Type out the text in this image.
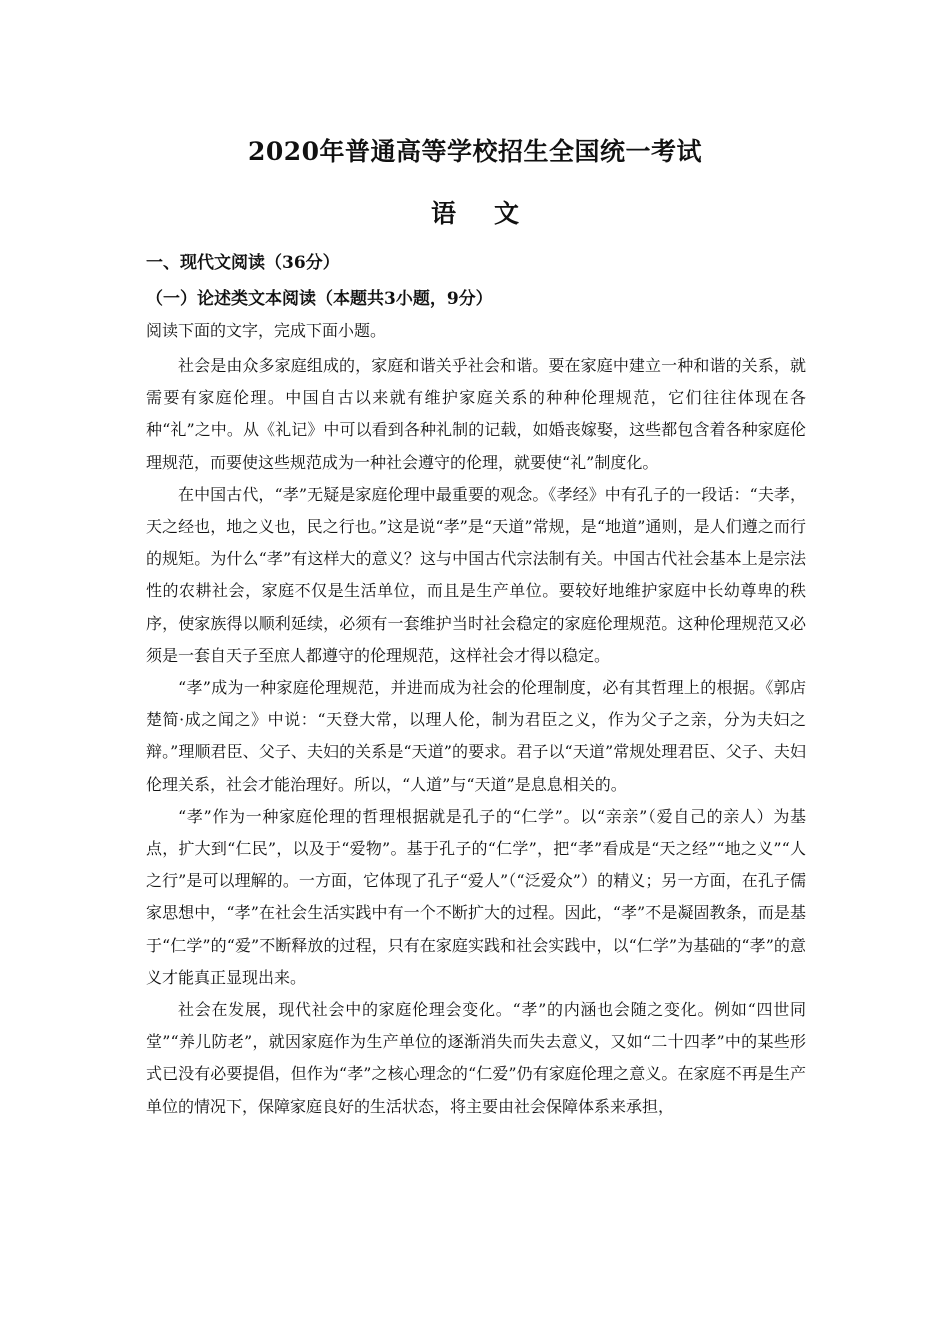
2020年普通高等学校招生全国统一考试
语文
一、现代文阅读（36分）
（一）论述类文本阅读（本题共3小题，9分）
阅读下面的文字，完成下面小题。

社会是由众多家庭组成的，家庭和谐关乎社会和谐。要在家庭中建立一种和谐的关系，就需要有家庭伦理。中国自古以来就有维护家庭关系的种种伦理规范，它们往往体现在各种“礼”之中。从《礼记》中可以看到各种礼制的记载，如婚丧嫁娶，这些都包含着各种家庭伦理规范，而要使这些规范成为一种社会遵守的伦理，就要使“礼”制度化。

在中国古代，“孝”无疑是家庭伦理中最重要的观念。《孝经》中有孔子的一段话：“夫孝，天之经也，地之义也，民之行也。”这是说“孝”是“天道”常规，是“地道”通则，是人们遵之而行的规矩。为什么“孝”有这样大的意义？这与中国古代宗法制有关。中国古代社会基本上是宗法性的农耕社会，家庭不仅是生活单位，而且是生产单位。要较好地维护家庭中长幼尊卑的秩序，使家族得以顺利延续，必须有一套维护当时社会稳定的家庭伦理规范。这种伦理规范又必须是一套自天子至庶人都遵守的伦理规范，这样社会才得以稳定。

“孝”成为一种家庭伦理规范，并进而成为社会的伦理制度，必有其哲理上的根据。《郭店楚简·成之闻之》中说：“天登大常，以理人伦，制为君臣之义，作为父子之亲，分为夫妇之辩。”理顺君臣、父子、夫妇的关系是“天道”的要求。君子以“天道”常规处理君臣、父子、夫妇伦理关系，社会才能治理好。所以，“人道”与“天道”是息息相关的。

“孝”作为一种家庭伦理的哲理根据就是孔子的“仁学”。以“亲亲”（爱自己的亲人）为基点，扩大到“仁民”，以及于“爱物”。基于孔子的“仁学”，把“孝”看成是“天之经”“地之义”“人之行”是可以理解的。一方面，它体现了孔子“爱人”（“泛爱众”）的精义；另一方面，在孔子儒家思想中，“孝”在社会生活实践中有一个不断扩大的过程。因此，“孝”不是凝固教条，而是基于“仁学”的“爱”不断释放的过程，只有在家庭实践和社会实践中，以“仁学”为基础的“孝”的意义才能真正显现出来。

社会在发展，现代社会中的家庭伦理会变化。“孝”的内涵也会随之变化。例如“四世同堂”“养儿防老”，就因家庭作为生产单位的逐渐消失而失去意义，又如“二十四孝”中的某些形式已没有必要提倡，但作为“孝”之核心理念的“仁爱”仍有家庭伦理之意义。在家庭不再是生产单位的情况下，保障家庭良好的生活状态，将主要由社会保障体系来承担，
